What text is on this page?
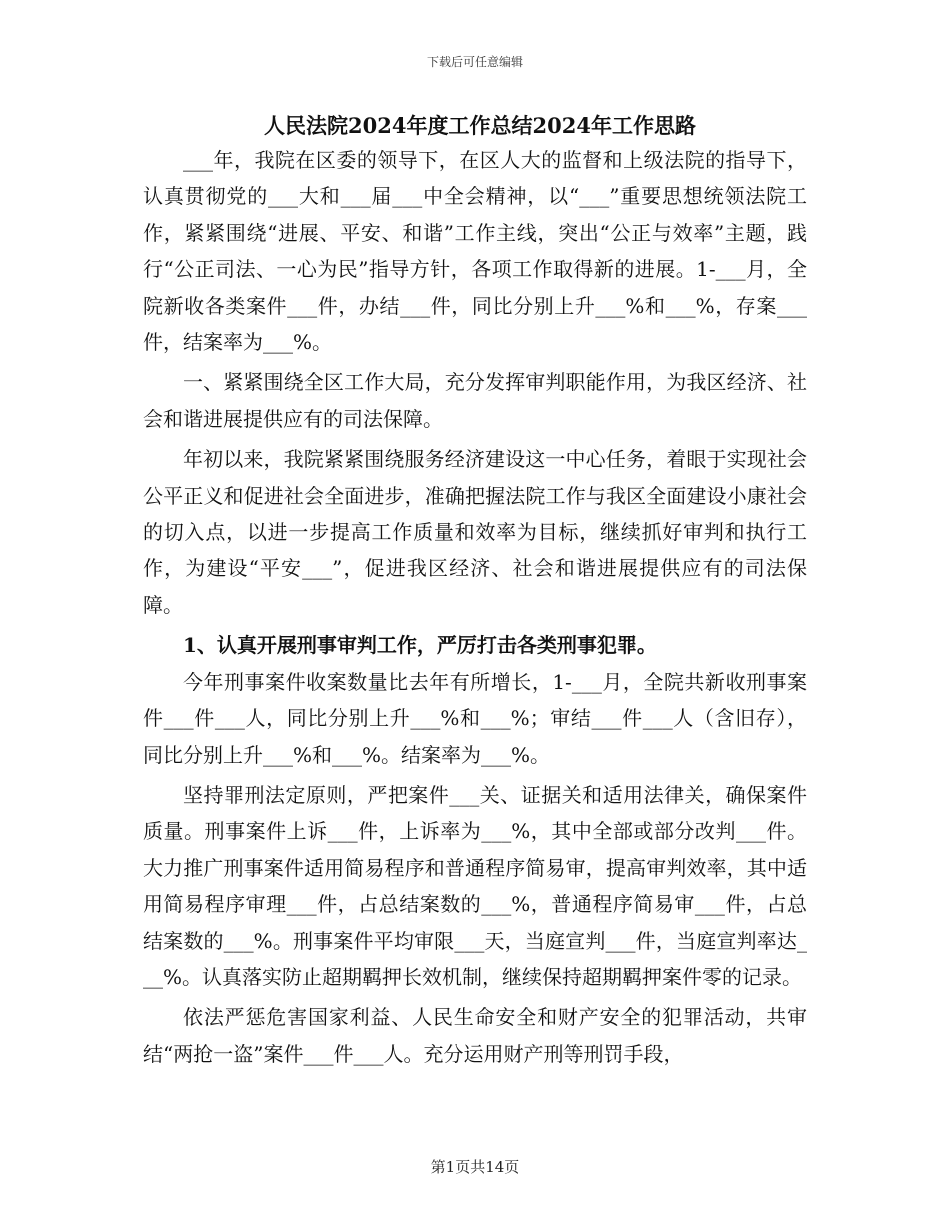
下载后可任意编辑
人民法院2024年度工作总结2024年工作思路

___年，我院在区委的领导下，在区人大的监督和上级法院的指导下，认真贯彻党的___大和___届___中全会精神，以“___”重要思想统领法院工作，紧紧围绕“进展、平安、和谐”工作主线，突出“公正与效率”主题，践行“公正司法、一心为民”指导方针，各项工作取得新的进展。1-___月，全院新收各类案件___件，办结___件，同比分别上升___%和___%，存案___件，结案率为___%。

一、紧紧围绕全区工作大局，充分发挥审判职能作用，为我区经济、社会和谐进展提供应有的司法保障。

年初以来，我院紧紧围绕服务经济建设这一中心任务，着眼于实现社会公平正义和促进社会全面进步，准确把握法院工作与我区全面建设小康社会的切入点，以进一步提高工作质量和效率为目标，继续抓好审判和执行工作，为建设“平安___”，促进我区经济、社会和谐进展提供应有的司法保障。

1、认真开展刑事审判工作，严厉打击各类刑事犯罪。

今年刑事案件收案数量比去年有所增长，1-___月，全院共新收刑事案件___件___人，同比分别上升___%和___%；审结___件___人（含旧存），同比分别上升___%和___%。结案率为___%。

坚持罪刑法定原则，严把案件___关、证据关和适用法律关，确保案件质量。刑事案件上诉___件，上诉率为___%，其中全部或部分改判___件。大力推广刑事案件适用简易程序和普通程序简易审，提高审判效率，其中适用简易程序审理___件，占总结案数的___%，普通程序简易审___件，占总结案数的___%。刑事案件平均审限___天，当庭宣判___件，当庭宣判率达___%。认真落实防止超期羁押长效机制，继续保持超期羁押案件零的记录。

依法严惩危害国家利益、人民生命安全和财产安全的犯罪活动，共审结“两抢一盗”案件___件___人。充分运用财产刑等刑罚手段，

第1页共14页
